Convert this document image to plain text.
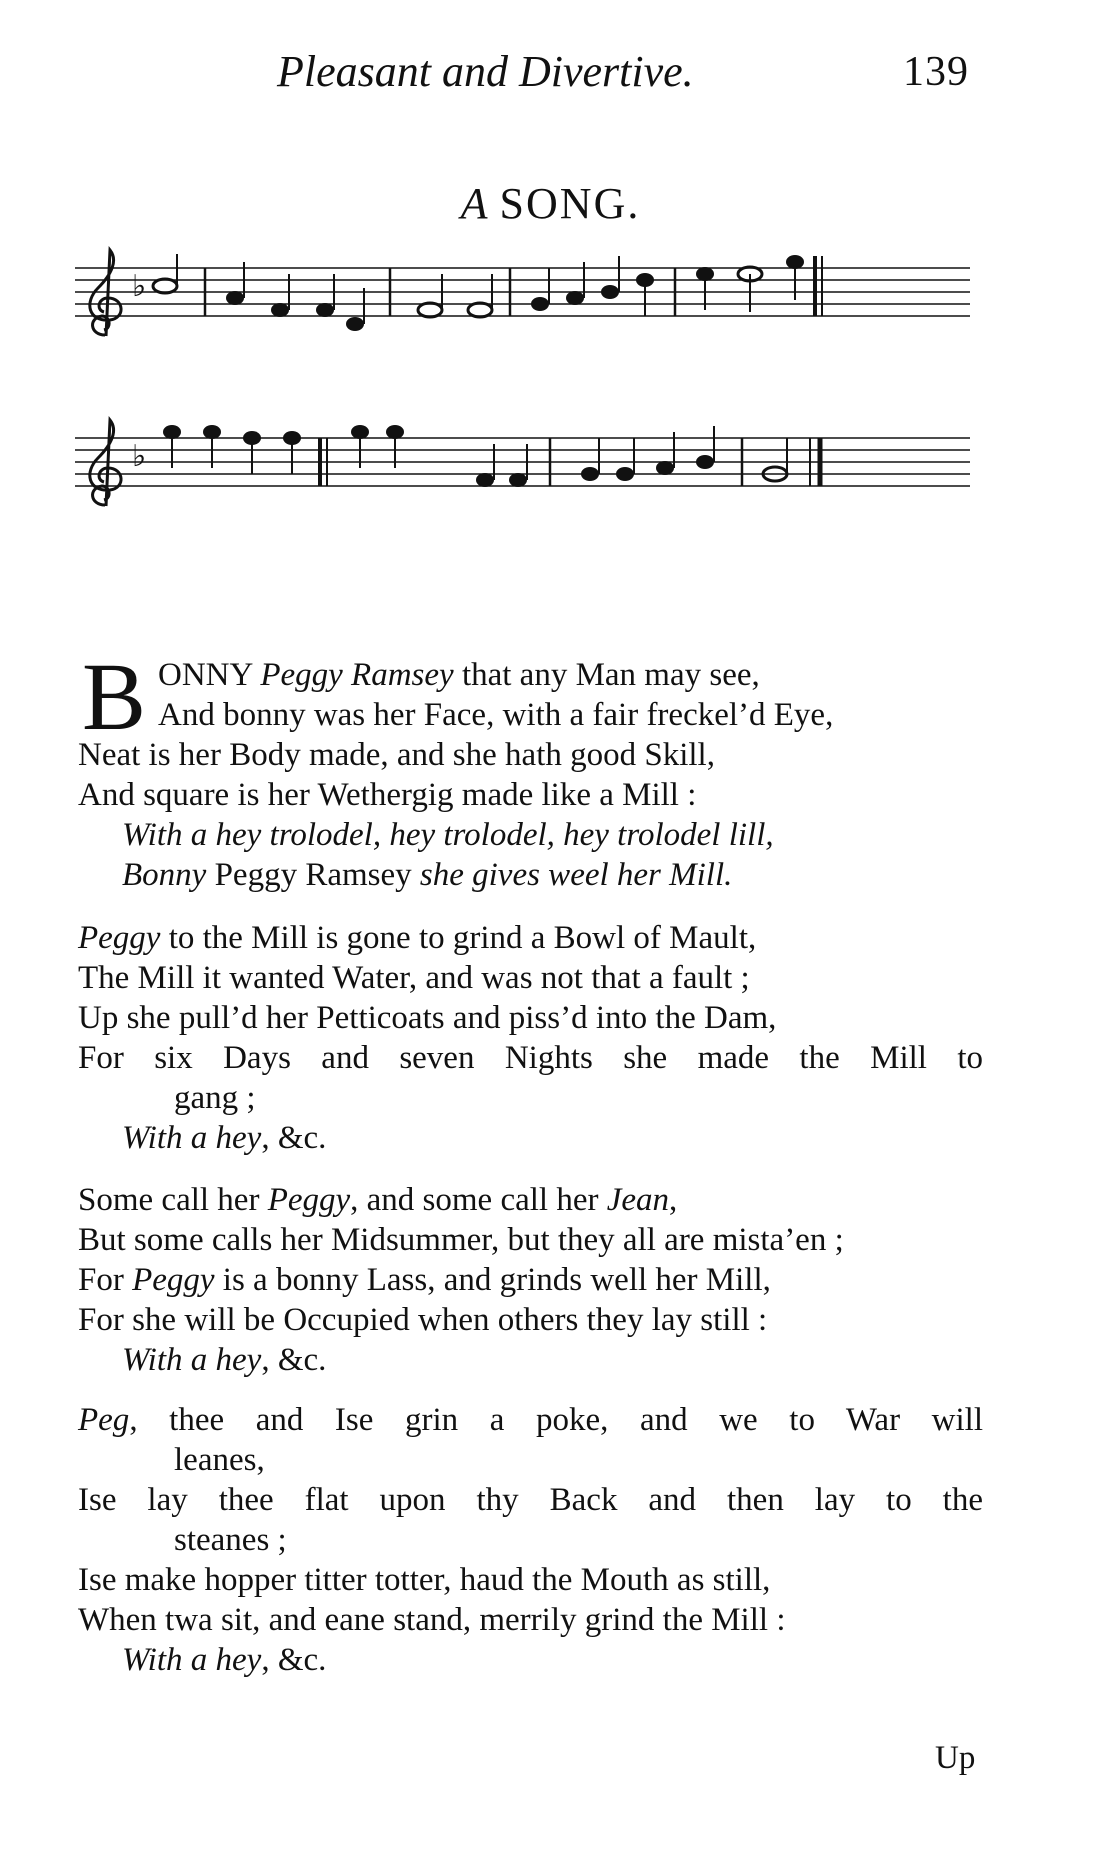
Pleasant and Divertive.	139
A SONG.
♭
♭
B ONNY Peggy Ramsey that any Man may see,
And bonny was her Face, with a fair freckel’d Eye,
Neat is her Body made, and she hath good Skill,
And square is her Wethergig made like a Mill :
With a hey trolodel, hey trolodel, hey trolodel lill,
Bonny Peggy Ramsey she gives weel her Mill.
Peggy to the Mill is gone to grind a Bowl of Mault,
The Mill it wanted Water, and was not that a fault ;
Up she pull’d her Petticoats and piss’d into the Dam,
For six Days and seven Nights she made the Mill to
gang ;
With a hey, &c.
Some call her Peggy, and some call her Jean,
But some calls her Midsummer, but they all are mista’en ;
For Peggy is a bonny Lass, and grinds well her Mill,
For she will be Occupied when others they lay still :
With a hey, &c.
Peg, thee and Ise grin a poke, and we to War will
leanes,
Ise lay thee flat upon thy Back and then lay to the
steanes ;
Ise make hopper titter totter, haud the Mouth as still,
When twa sit, and eane stand, merrily grind the Mill :
With a hey, &c.
Up
